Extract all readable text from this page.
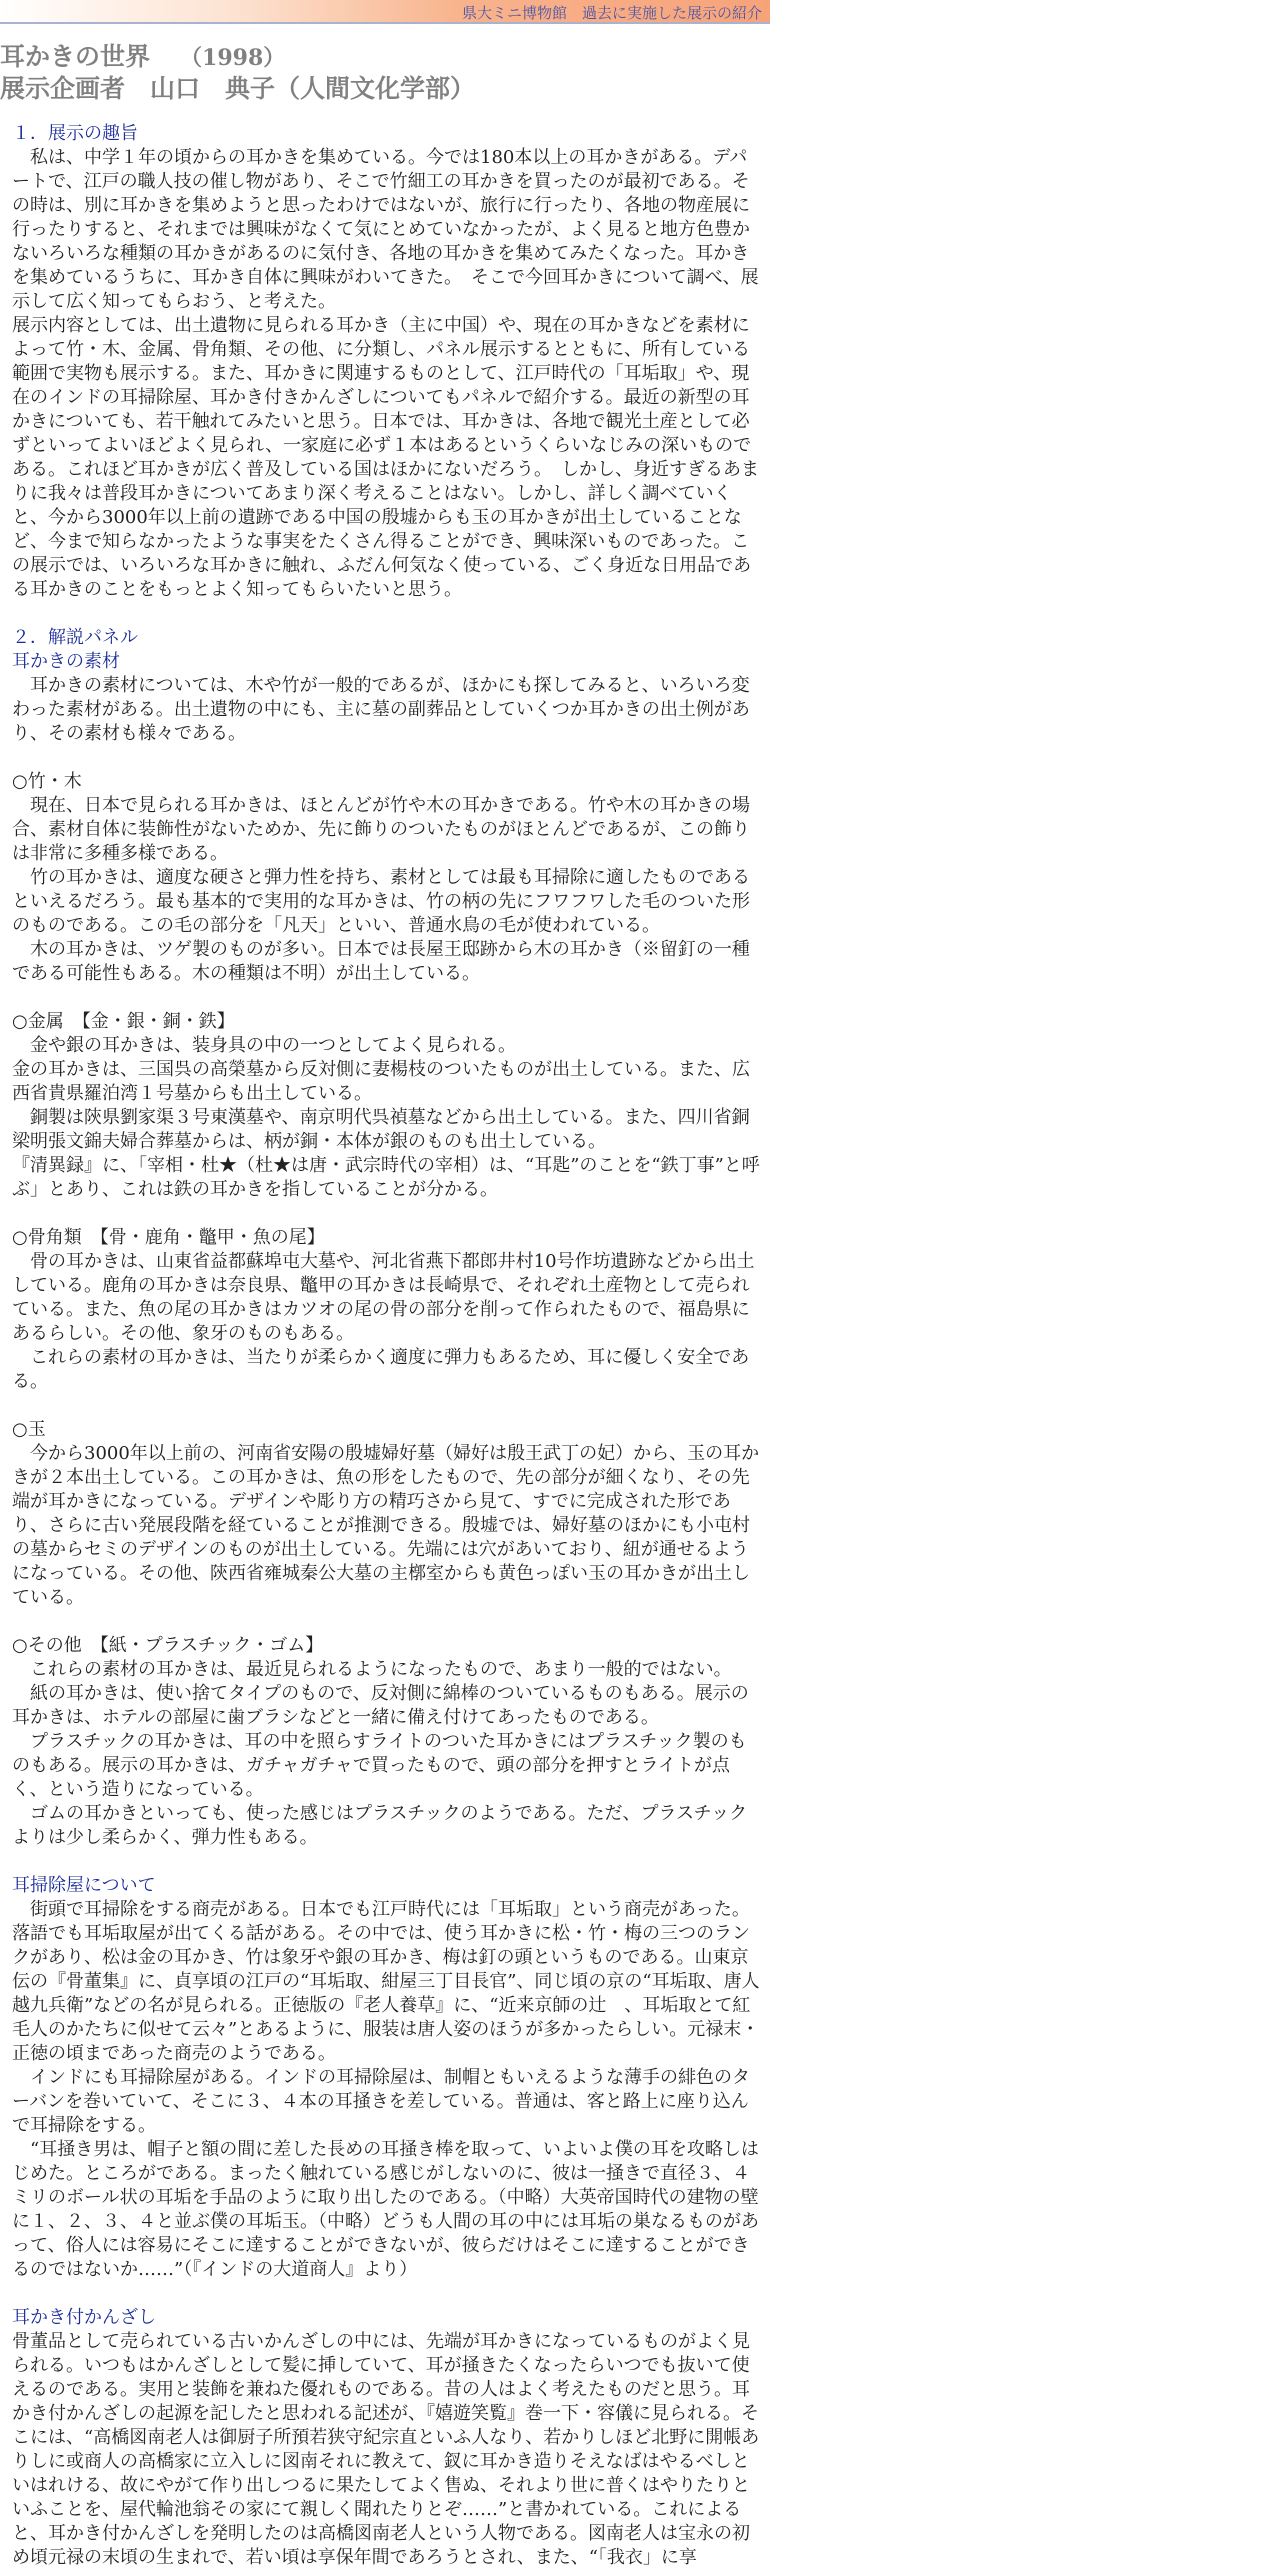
県大ミニ博物館　 過去に実施した展示の紹介
耳かきの世界 （1998）
展示企画者　山口　典子（人間文化学部）

１．展示の趣旨

　私は、中学１年の頃からの耳かきを集めている。今では180本以上の耳かきがある。デパートで、江戸の職人技の催し物があり、そこで竹細工の耳かきを買ったのが最初である。その時は、別に耳かきを集めようと思ったわけではないが、旅行に行ったり、各地の物産展に行ったりすると、それまでは興味がなくて気にとめていなかったが、よく見ると地方色豊かないろいろな種類の耳かきがあるのに気付き、各地の耳かきを集めてみたくなった。耳かきを集めているうちに、耳かき自体に興味がわいてきた。　そこで今回耳かきについて調べ、展示して広く知ってもらおう、と考えた。

展示内容としては、出土遺物に見られる耳かき（主に中国）や、現在の耳かきなどを素材によって竹・木、金属、骨角類、その他、に分類し、パネル展示するとともに、所有している範囲で実物も展示する。また、耳かきに関連するものとして、江戸時代の「耳垢取」や、現在のインドの耳掃除屋、耳かき付きかんざしについてもパネルで紹介する。最近の新型の耳かきについても、若干触れてみたいと思う。日本では、耳かきは、各地で観光土産として必ずといってよいほどよく見られ、一家庭に必ず１本はあるというくらいなじみの深いものである。これほど耳かきが広く普及している国はほかにないだろう。　しかし、身近すぎるあまりに我々は普段耳かきについてあまり深く考えることはない。しかし、詳しく調べていくと、今から3000年以上前の遺跡である中国の殷墟からも玉の耳かきが出土していることなど、今まで知らなかったような事実をたくさん得ることができ、興味深いものであった。この展示では、いろいろな耳かきに触れ、ふだん何気なく使っている、ごく身近な日用品である耳かきのことをもっとよく知ってもらいたいと思う。

２．解説パネル

耳かきの素材

　耳かきの素材については、木や竹が一般的であるが、ほかにも探してみると、いろいろ変わった素材がある。出土遺物の中にも、主に墓の副葬品としていくつか耳かきの出土例があり、その素材も様々である。

○竹・木

　現在、日本で見られる耳かきは、ほとんどが竹や木の耳かきである。竹や木の耳かきの場合、素材自体に装飾性がないためか、先に飾りのついたものがほとんどであるが、この飾りは非常に多種多様である。

　竹の耳かきは、適度な硬さと弾力性を持ち、素材としては最も耳掃除に適したものであるといえるだろう。最も基本的で実用的な耳かきは、竹の柄の先にフワフワした毛のついた形のものである。この毛の部分を「凡天」といい、普通水鳥の毛が使われている。

　木の耳かきは、ツゲ製のものが多い。日本では長屋王邸跡から木の耳かき（※留釘の一種である可能性もある。木の種類は不明）が出土している。

○金属　【金・銀・銅・鉄】

　金や銀の耳かきは、装身具の中の一つとしてよく見られる。

金の耳かきは、三国呉の高榮墓から反対側に妻楊枝のついたものが出土している。また、広西省貴県羅泊湾１号墓からも出土している。

　銅製は陝県劉家渠３号東漢墓や、南京明代呉禎墓などから出土している。また、四川省銅梁明張文錦夫婦合葬墓からは、柄が銅・本体が銀のものも出土している。

『清異録』に、「宰相・杜★（杜★は唐・武宗時代の宰相）は、“耳匙”のことを“鉄丁事”と呼ぶ」とあり、これは鉄の耳かきを指していることが分かる。

○骨角類　【骨・鹿角・鼈甲・魚の尾】

　骨の耳かきは、山東省益都蘇埠屯大墓や、河北省燕下都郎井村10号作坊遺跡などから出土している。鹿角の耳かきは奈良県、鼈甲の耳かきは長崎県で、それぞれ土産物として売られている。また、魚の尾の耳かきはカツオの尾の骨の部分を削って作られたもので、福島県にあるらしい。その他、象牙のものもある。

　これらの素材の耳かきは、当たりが柔らかく適度に弾力もあるため、耳に優しく安全である。

○玉

　今から3000年以上前の、河南省安陽の殷墟婦好墓（婦好は殷王武丁の妃）から、玉の耳かきが２本出土している。この耳かきは、魚の形をしたもので、先の部分が細くなり、その先端が耳かきになっている。デザインや彫り方の精巧さから見て、すでに完成された形であり、さらに古い発展段階を経ていることが推測できる。殷墟では、婦好墓のほかにも小屯村の墓からセミのデザインのものが出土している。先端には穴があいており、紐が通せるようになっている。その他、陝西省雍城秦公大墓の主槨室からも黄色っぽい玉の耳かきが出土している。

○その他　【紙・プラスチック・ゴム】

　これらの素材の耳かきは、最近見られるようになったもので、あまり一般的ではない。

　紙の耳かきは、使い捨てタイプのもので、反対側に綿棒のついているものもある。展示の耳かきは、ホテルの部屋に歯ブラシなどと一緒に備え付けてあったものである。

　プラスチックの耳かきは、耳の中を照らすライトのついた耳かきにはプラスチック製のものもある。展示の耳かきは、ガチャガチャで買ったもので、頭の部分を押すとライトが点く、という造りになっている。

　ゴムの耳かきといっても、使った感じはプラスチックのようである。ただ、プラスチックよりは少し柔らかく、弾力性もある。

耳掃除屋について

　街頭で耳掃除をする商売がある。日本でも江戸時代には「耳垢取」という商売があった。落語でも耳垢取屋が出てくる話がある。その中では、使う耳かきに松・竹・梅の三つのランクがあり、松は金の耳かき、竹は象牙や銀の耳かき、梅は釘の頭というものである。山東京伝の『骨董集』に、貞享頃の江戸の“耳垢取、紺屋三丁目長官”、同じ頃の京の“耳垢取、唐人越九兵衛”などの名が見られる。正徳版の『老人養草』に、“近来京師の辻　、耳垢取とて紅毛人のかたちに似せて云々”とあるように、服装は唐人姿のほうが多かったらしい。元禄末・正徳の頃まであった商売のようである。

　インドにも耳掃除屋がある。インドの耳掃除屋は、制帽ともいえるような薄手の緋色のターバンを巻いていて、そこに３、４本の耳掻きを差している。普通は、客と路上に座り込んで耳掃除をする。

　“耳掻き男は、帽子と額の間に差した長めの耳掻き棒を取って、いよいよ僕の耳を攻略しはじめた。ところがである。まったく触れている感じがしないのに、彼は一掻きで直径３、４ミリのボール状の耳垢を手品のように取り出したのである。（中略）大英帝国時代の建物の壁に１、２、３、４と並ぶ僕の耳垢玉。（中略）どうも人間の耳の中には耳垢の巣なるものがあって、俗人には容易にそこに達することができないが、彼らだけはそこに達することができるのではないか……”（『インドの大道商人』より）

耳かき付かんざし

骨董品として売られている古いかんざしの中には、先端が耳かきになっているものがよく見られる。いつもはかんざしとして髪に挿していて、耳が掻きたくなったらいつでも抜いて使えるのである。実用と装飾を兼ねた優れものである。昔の人はよく考えたものだと思う。耳かき付かんざしの起源を記したと思われる記述が、『嬉遊笑覧』巻一下・容儀に見られる。そこには、“高橋図南老人は御厨子所預若狭守紀宗直といふ人なり、若かりしほど北野に開帳ありしに或商人の高橋家に立入しに図南それに教えて、釵に耳かき造りそえなばはやるべしといはれける、故にやがて作り出しつるに果たしてよく售ぬ、それより世に普くはやりたりといふことを、屋代輪池翁その家にて親しく聞れたりとぞ……”と書かれている。これによると、耳かき付かんざしを発明したのは高橋図南老人という人物である。図南老人は宝永の初め頃元禄の末頃の生まれで、若い頃は享保年間であろうとされ、また、“「我衣」に享
